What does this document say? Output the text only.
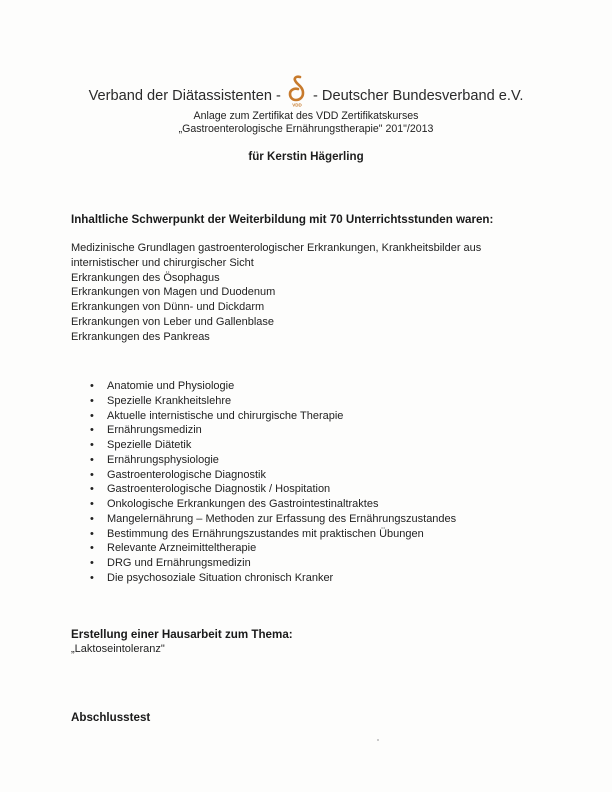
Verband der Diätassistenten -
VDD
- Deutscher Bundesverband e.V.
Anlage zum Zertifikat des VDD Zertifikatskurses
„Gastroenterologische Ernährungstherapie" 201"/2013
für Kerstin Hägerling
Inhaltliche Schwerpunkt der Weiterbildung mit 70 Unterrichtsstunden waren:
Medizinische Grundlagen gastroenterologischer Erkrankungen, Krankheitsbilder aus
internistischer und chirurgischer Sicht
Erkrankungen des Ösophagus
Erkrankungen von Magen und Duodenum
Erkrankungen von Dünn- und Dickdarm
Erkrankungen von Leber und Gallenblase
Erkrankungen des Pankreas
• Anatomie und Physiologie
• Spezielle Krankheitslehre
• Aktuelle internistische und chirurgische Therapie
• Ernährungsmedizin
• Spezielle Diätetik
• Ernährungsphysiologie
• Gastroenterologische Diagnostik
• Gastroenterologische Diagnostik / Hospitation
• Onkologische Erkrankungen des Gastrointestinaltraktes
• Mangelernährung – Methoden zur Erfassung des Ernährungszustandes
• Bestimmung des Ernährungszustandes mit praktischen Übungen
• Relevante Arzneimitteltherapie
• DRG und Ernährungsmedizin
• Die psychosoziale Situation chronisch Kranker
Erstellung einer Hausarbeit zum Thema:
„Laktoseintoleranz"
Abschlusstest
